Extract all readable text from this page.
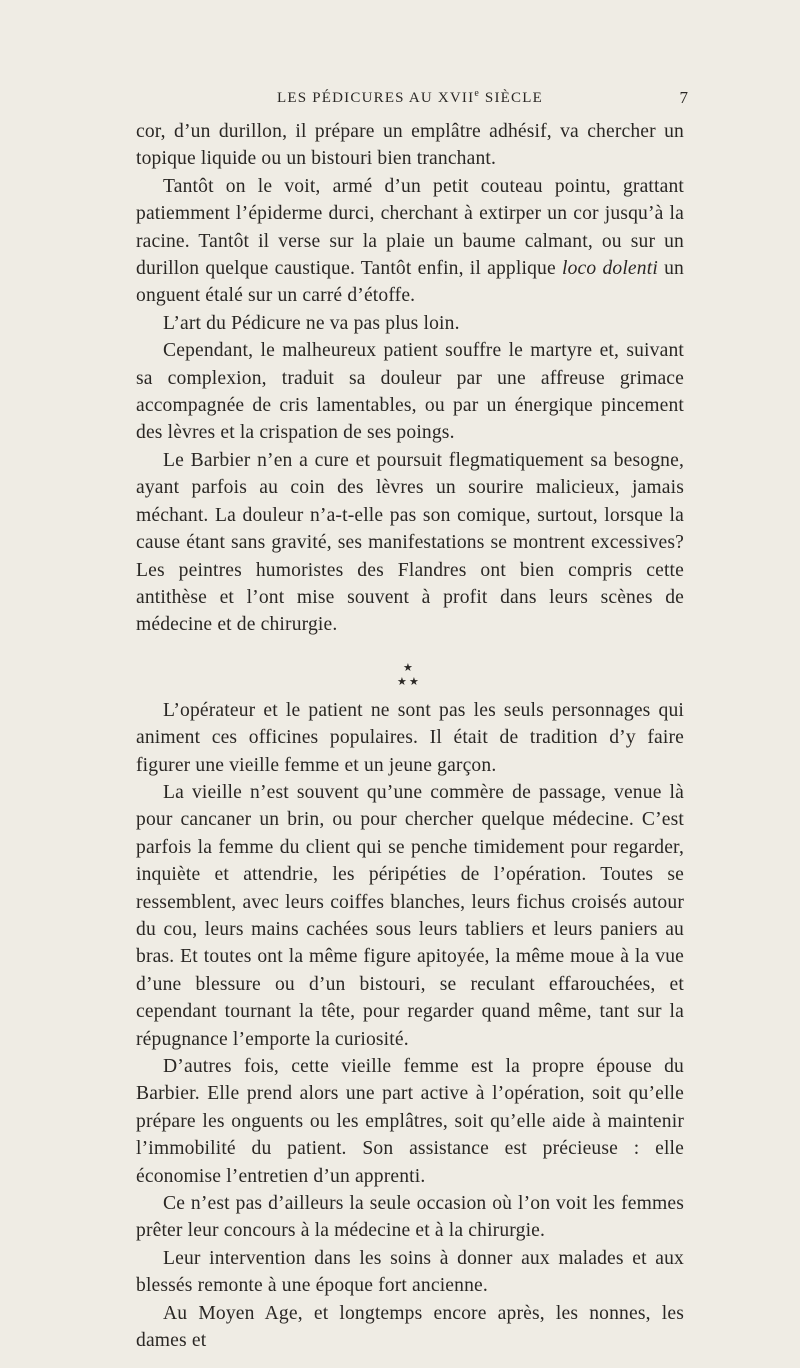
LES PÉDICURES AU XVIIe SIÈCLE	7

cor, d’un durillon, il prépare un emplâtre adhésif, va chercher un topique liquide ou un bistouri bien tranchant.

Tantôt on le voit, armé d’un petit couteau pointu, grattant patiemment l’épiderme durci, cherchant à extirper un cor jusqu’à la racine. Tantôt il verse sur la plaie un baume calmant, ou sur un durillon quelque caustique. Tantôt enfin, il applique loco dolenti un onguent étalé sur un carré d’étoffe.

L’art du Pédicure ne va pas plus loin.

Cependant, le malheureux patient souffre le martyre et, suivant sa complexion, traduit sa douleur par une affreuse grimace accompagnée de cris lamentables, ou par un énergique pincement des lèvres et la crispation de ses poings.

Le Barbier n’en a cure et poursuit flegmatiquement sa besogne, ayant parfois au coin des lèvres un sourire malicieux, jamais méchant. La douleur n’a-t-elle pas son comique, surtout, lorsque la cause étant sans gravité, ses manifestations se montrent excessives? Les peintres humoristes des Flandres ont bien compris cette antithèse et l’ont mise souvent à profit dans leurs scènes de médecine et de chirurgie.

★
★ ★

L’opérateur et le patient ne sont pas les seuls personnages qui animent ces officines populaires. Il était de tradition d’y faire figurer une vieille femme et un jeune garçon.

La vieille n’est souvent qu’une commère de passage, venue là pour cancaner un brin, ou pour chercher quelque médecine. C’est parfois la femme du client qui se penche timidement pour regarder, inquiète et attendrie, les péripéties de l’opération. Toutes se ressemblent, avec leurs coiffes blanches, leurs fichus croisés autour du cou, leurs mains cachées sous leurs tabliers et leurs paniers au bras. Et toutes ont la même figure apitoyée, la même moue à la vue d’une blessure ou d’un bistouri, se reculant effarouchées, et cependant tournant la tête, pour regarder quand même, tant sur la répugnance l’emporte la curiosité.

D’autres fois, cette vieille femme est la propre épouse du Barbier. Elle prend alors une part active à l’opération, soit qu’elle prépare les onguents ou les emplâtres, soit qu’elle aide à maintenir l’immobilité du patient. Son assistance est précieuse : elle économise l’entretien d’un apprenti.

Ce n’est pas d’ailleurs la seule occasion où l’on voit les femmes prêter leur concours à la médecine et à la chirurgie.

Leur intervention dans les soins à donner aux malades et aux blessés remonte à une époque fort ancienne.

Au Moyen Age, et longtemps encore après, les nonnes, les dames et
